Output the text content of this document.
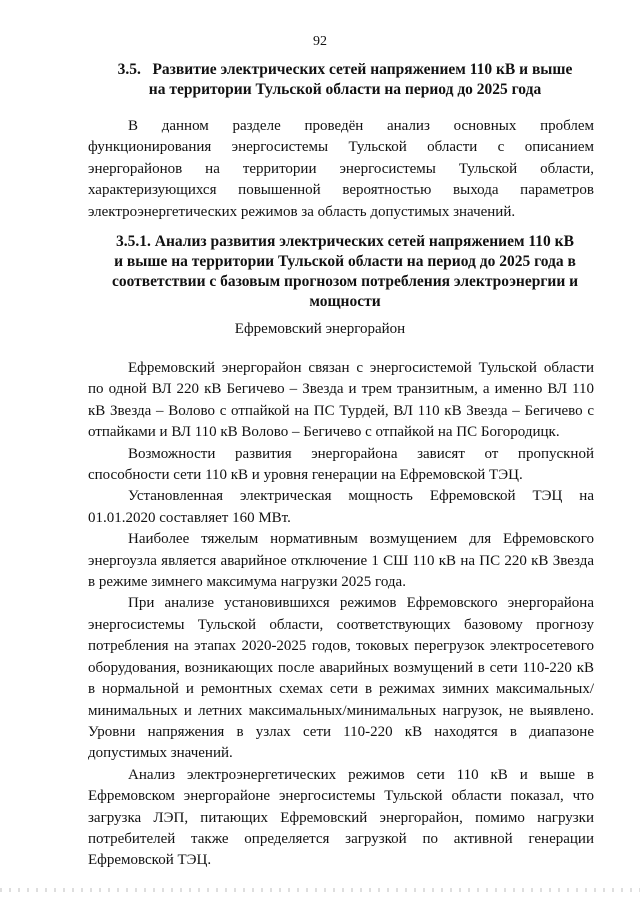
92
3.5.   Развитие электрических сетей напряжением 110 кВ и выше на территории Тульской области на период до 2025 года

В данном разделе проведён анализ основных проблем функционирования энергосистемы Тульской области с описанием энергорайонов на территории энергосистемы Тульской области, характеризующихся повышенной вероятностью выхода параметров электроэнергетических режимов за область допустимых значений.

3.5.1. Анализ развития электрических сетей напряжением 110 кВ и выше на территории Тульской области на период до 2025 года в соответствии с базовым прогнозом потребления электроэнергии и мощности
Ефремовский энергорайон

Ефремовский энергорайон связан с энергосистемой Тульской области по одной ВЛ 220 кВ Бегичево – Звезда и трем транзитным, а именно ВЛ 110 кВ Звезда – Волово с отпайкой на ПС Турдей, ВЛ 110 кВ Звезда – Бегичево с отпайками и ВЛ 110 кВ Волово – Бегичево с отпайкой на ПС Богородицк.

Возможности развития энергорайона зависят от пропускной способности сети 110 кВ и уровня генерации на Ефремовской ТЭЦ.

Установленная электрическая мощность Ефремовской ТЭЦ на 01.01.2020 составляет 160 МВт.

Наиболее тяжелым нормативным возмущением для Ефремовского энергоузла является аварийное отключение 1 СШ 110 кВ на ПС 220 кВ Звезда в режиме зимнего максимума нагрузки 2025 года.

При анализе установившихся режимов Ефремовского энергорайона энергосистемы Тульской области, соответствующих базовому прогнозу потребления на этапах 2020-2025 годов, токовых перегрузок электросетевого оборудования, возникающих после аварийных возмущений в сети 110-220 кВ в нормальной и ремонтных схемах сети в режимах зимних максимальных/минимальных и летних максимальных/минимальных нагрузок, не выявлено. Уровни напряжения в узлах сети 110-220 кВ находятся в диапазоне допустимых значений.

Анализ электроэнергетических режимов сети 110 кВ и выше в Ефремовском энергорайоне энергосистемы Тульской области показал, что загрузка ЛЭП, питающих Ефремовский энергорайон, помимо нагрузки потребителей также определяется загрузкой по активной генерации Ефремовской ТЭЦ.
